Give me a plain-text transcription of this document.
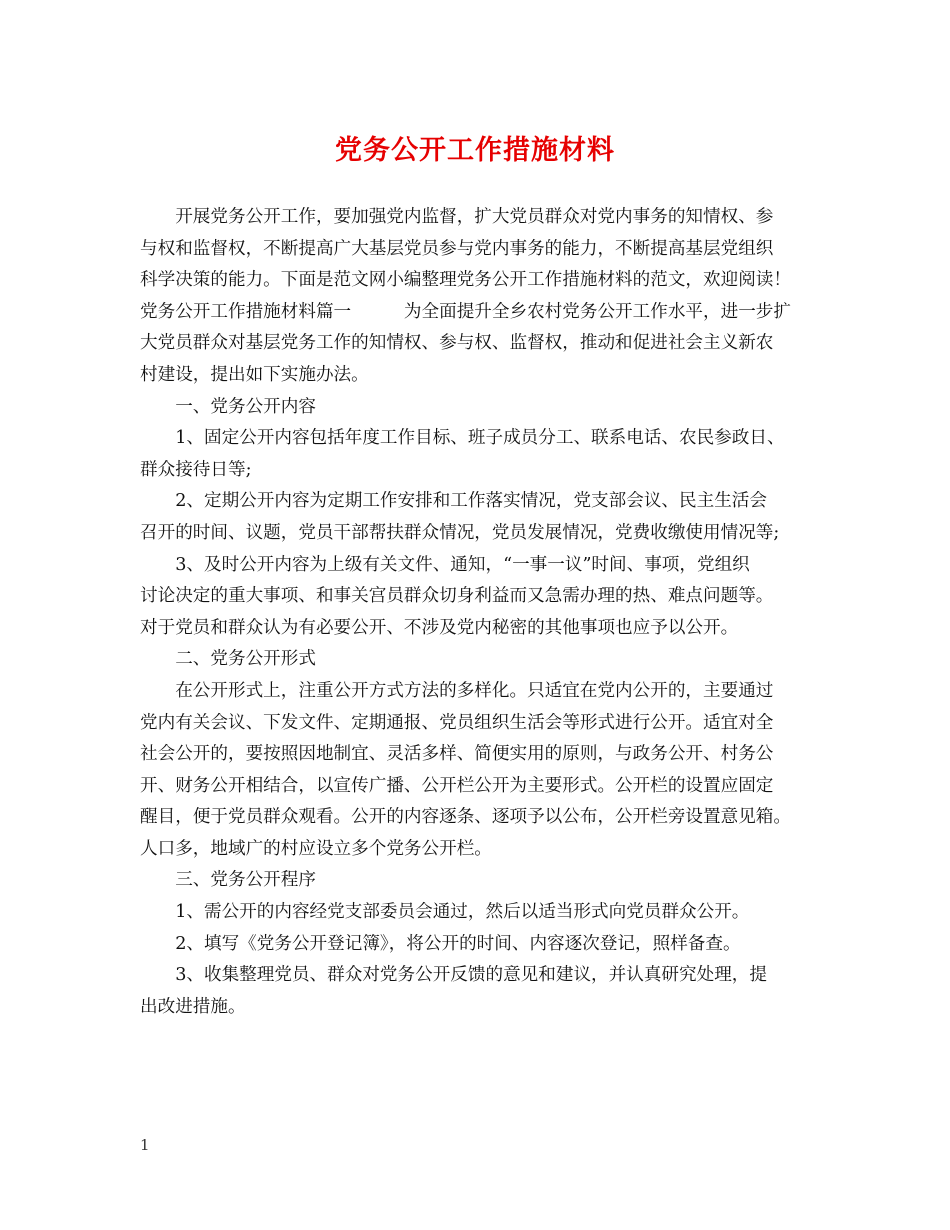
党务公开工作措施材料
　　开展党务公开工作，要加强党内监督，扩大党员群众对党内事务的知情权、参
与权和监督权，不断提高广大基层党员参与党内事务的能力，不断提高基层党组织
科学决策的能力。下面是范文网小编整理党务公开工作措施材料的范文，欢迎阅读！
党务公开工作措施材料篇一　　　为全面提升全乡农村党务公开工作水平，进一步扩
大党员群众对基层党务工作的知情权、参与权、监督权，推动和促进社会主义新农
村建设，提出如下实施办法。
　　一、党务公开内容
　　1、固定公开内容包括年度工作目标、班子成员分工、联系电话、农民参政日、
群众接待日等;
　　2、定期公开内容为定期工作安排和工作落实情况，党支部会议、民主生活会
召开的时间、议题，党员干部帮扶群众情况，党员发展情况，党费收缴使用情况等;
　　3、及时公开内容为上级有关文件、通知，“一事一议”时间、事项，党组织
讨论决定的重大事项、和事关宫员群众切身利益而又急需办理的热、难点问题等。
对于党员和群众认为有必要公开、不涉及党内秘密的其他事项也应予以公开。
　　二、党务公开形式
　　在公开形式上，注重公开方式方法的多样化。只适宜在党内公开的，主要通过
党内有关会议、下发文件、定期通报、党员组织生活会等形式进行公开。适宜对全
社会公开的，要按照因地制宜、灵活多样、简便实用的原则，与政务公开、村务公
开、财务公开相结合，以宣传广播、公开栏公开为主要形式。公开栏的设置应固定
醒目，便于党员群众观看。公开的内容逐条、逐项予以公布，公开栏旁设置意见箱。
人口多，地域广的村应设立多个党务公开栏。
　　三、党务公开程序
　　1、需公开的内容经党支部委员会通过，然后以适当形式向党员群众公开。
　　2、填写《党务公开登记簿》，将公开的时间、内容逐次登记，照样备查。
　　3、收集整理党员、群众对党务公开反馈的意见和建议，并认真研究处理，提
出改进措施。
1
